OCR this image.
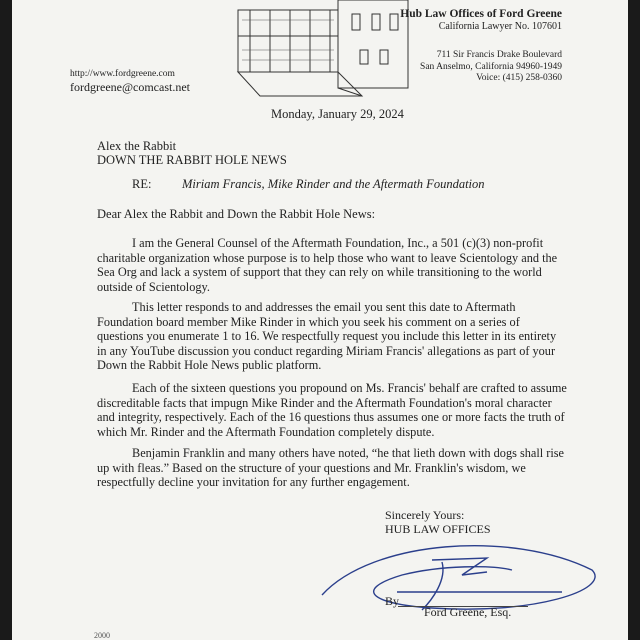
Hub Law Offices of Ford Greene
California Lawyer No. 107601
711 Sir Francis Drake Boulevard
San Anselmo, California 94960-1949
Voice: (415) 258-0360
http://www.fordgreene.com
fordgreene@comcast.net
Monday, January 29, 2024
Alex the Rabbit
DOWN THE RABBIT HOLE NEWS
RE: Miriam Francis, Mike Rinder and the Aftermath Foundation
Dear Alex the Rabbit and Down the Rabbit Hole News:

I am the General Counsel of the Aftermath Foundation, Inc., a 501 (c)(3) non-profit charitable organization whose purpose is to help those who want to leave Scientology and the Sea Org and lack a system of support that they can rely on while transitioning to the world outside of Scientology.

This letter responds to and addresses the email you sent this date to Aftermath Foundation board member Mike Rinder in which you seek his comment on a series of questions you enumerate 1 to 16. We respectfully request you include this letter in its entirety in any YouTube discussion you conduct regarding Miriam Francis' allegations as part of your Down the Rabbit Hole News public platform.

Each of the sixteen questions you propound on Ms. Francis' behalf are crafted to assume discreditable facts that impugn Mike Rinder and the Aftermath Foundation's moral character and integrity, respectively. Each of the 16 questions thus assumes one or more facts the truth of which Mr. Rinder and the Aftermath Foundation completely dispute.

Benjamin Franklin and many others have noted, “he that lieth down with dogs shall rise up with fleas.” Based on the structure of your questions and Mr. Franklin's wisdom, we respectfully decline your invitation for any further engagement.

Sincerely Yours:
HUB LAW OFFICES
By
Ford Greene, Esq.
2000
